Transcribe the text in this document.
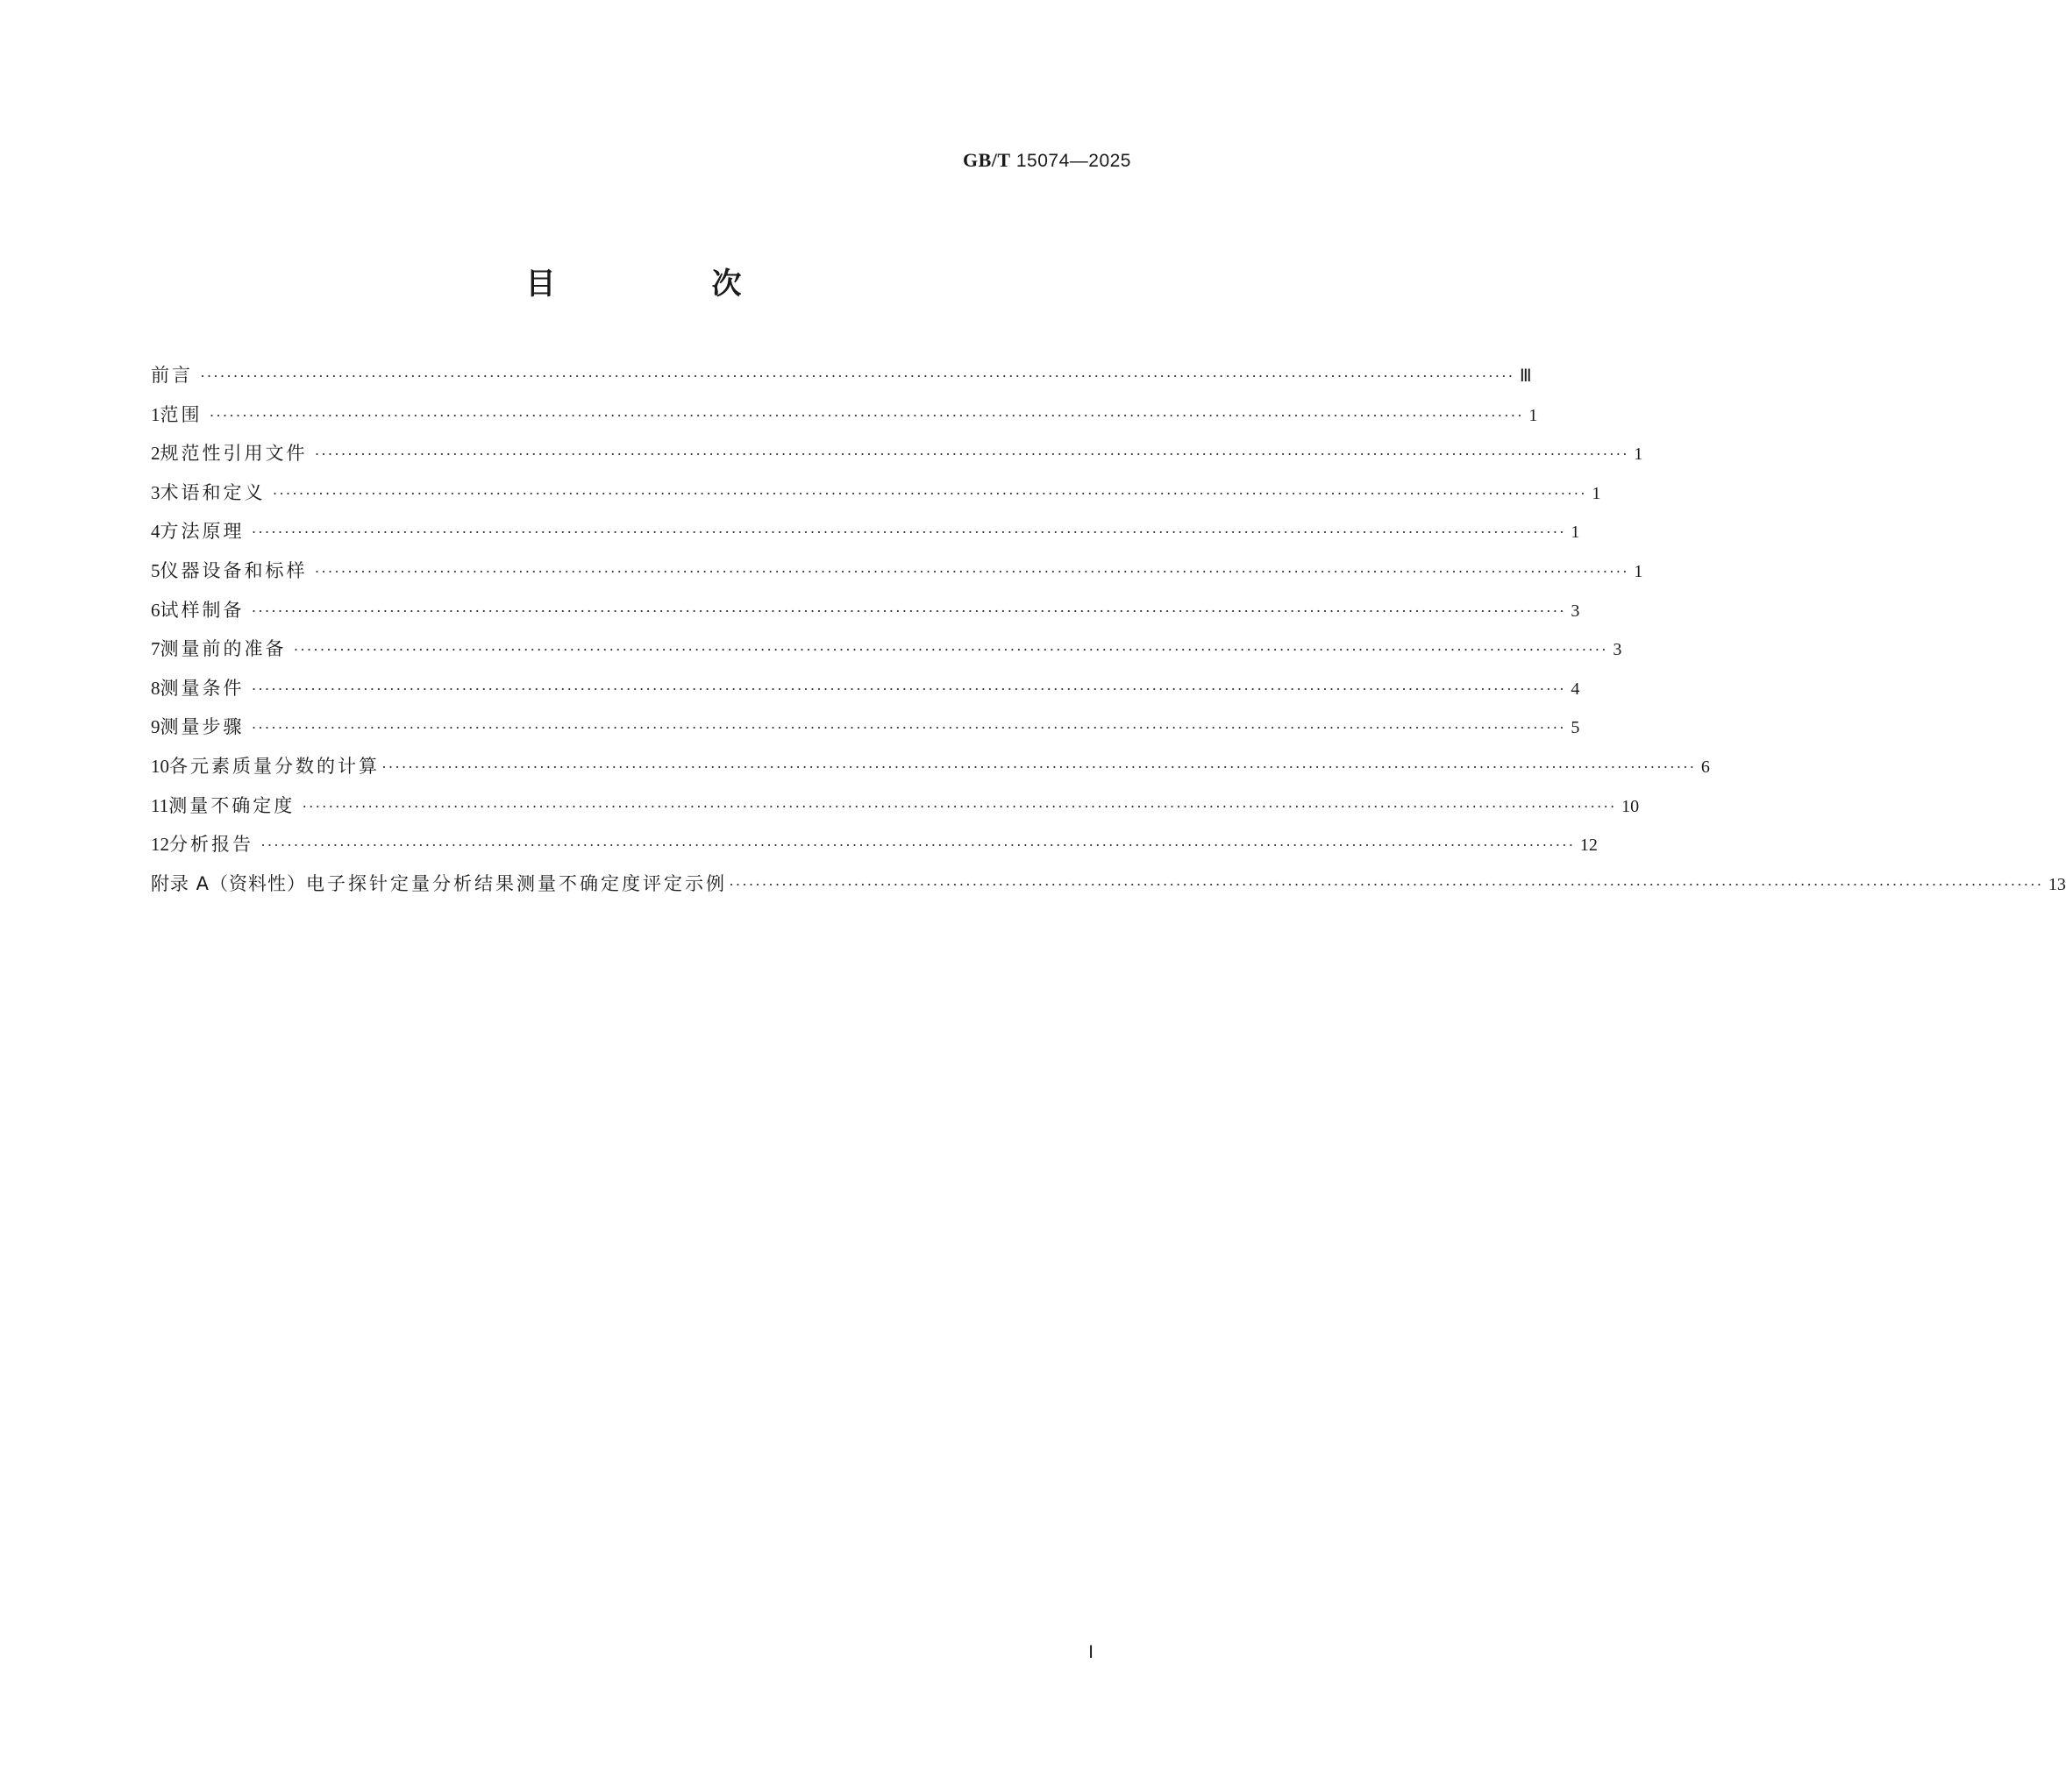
GB/T 15074—2025
目　次
前言 ········································································································································································································ Ⅲ
1 范围 ········································································································································································································ 1
2 规范性引用文件 ········································································································································································································ 1
3 术语和定义 ········································································································································································································ 1
4 方法原理 ········································································································································································································ 1
5 仪器设备和标样 ········································································································································································································ 1
6 试样制备 ········································································································································································································ 3
7 测量前的准备 ········································································································································································································ 3
8 测量条件 ········································································································································································································ 4
9 测量步骤 ········································································································································································································ 5
10 各元素质量分数的计算 ········································································································································································································ 6
11 测量不确定度 ········································································································································································································ 10
12 分析报告 ········································································································································································································ 12
附录 A（资料性） 电子探针定量分析结果测量不确定度评定示例 ········································································································································································································ 13
Ⅰ
